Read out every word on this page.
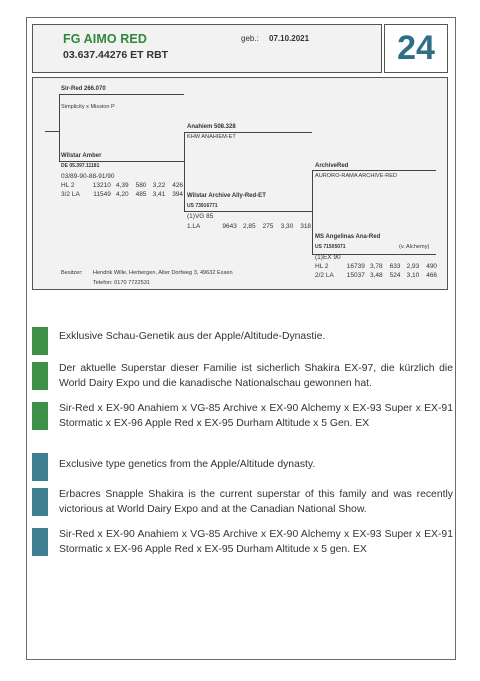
FG AIMO RED
03.637.44276 ET RBT
geb.: 07.10.2021	24
Sir-Red 266.070
Simplicity x Mission P
Wilstar Amber
DE 05.397.11181
03/89-90-88-91/90
HL 2	13210 4,39 580 3,22 426
3/2 LA 11549 4,20 485 3,41 394
Anahiem 508.328
KHW ANAHIEM-ET
Wilstar Archive Ally-Red-ET
US 73916771
(1)VG 85
1.LA	9643 2,85 275 3,30 318
ArchiveRed
AURORO-RAMA ARCHIVE-RED
MS Angelinas Ana-Red
US 71505071	(v. Alchemy)
(1)EX 90
HL 2	16739 3,78 633 2,93 490
2/2 LA 15037 3,48 524 3,10 466
Besitzer: Hendrik Wille, Herbergen, Alter Dorfweg 3, 49632 Essen
Telefon: 0170 7722531
Exklusive Schau-Genetik aus der Apple/Altitude-Dynastie.
Der aktuelle Superstar dieser Familie ist sicherlich Shakira EX-97, die kürzlich die World Dairy Expo und die kanadische Nationalschau gewonnen hat.
Sir-Red x EX-90 Anahiem x VG-85 Archive x EX-90 Alchemy x EX-93 Super x EX-91 Stormatic x EX-96 Apple Red x EX-95 Durham Altitude x 5 Gen. EX
Exclusive type genetics from the Apple/Altitude dynasty.
Erbacres Snapple Shakira is the current superstar of this family and was recently victorious at World Dairy Expo and at the Canadian National Show.
Sir-Red x EX-90 Anahiem x VG-85 Archive x EX-90 Alchemy x EX-93 Super x EX-91 Stormatic x EX-96 Apple Red x EX-95 Durham Altitude x 5 gen. EX
